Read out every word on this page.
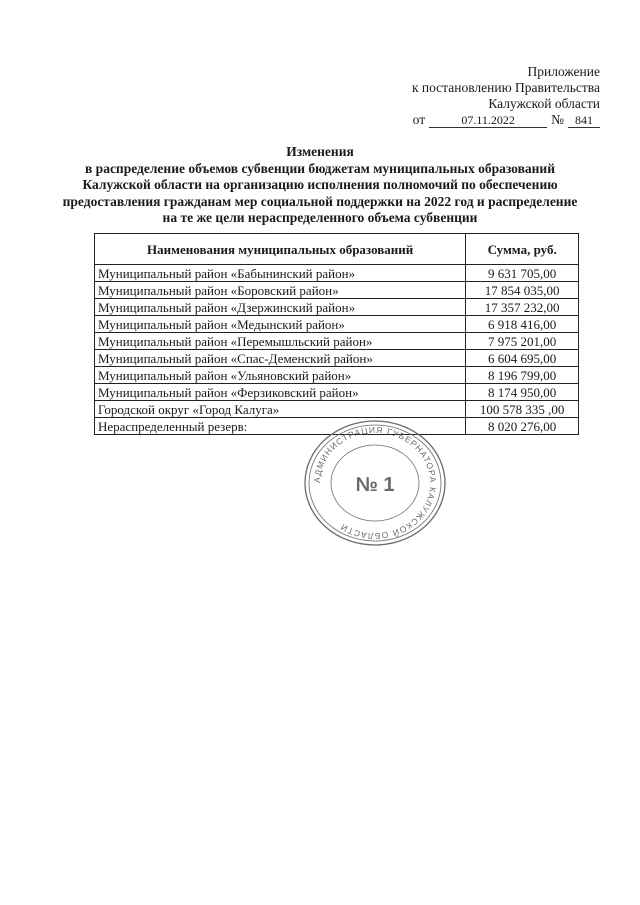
Приложение
к постановлению Правительства
Калужской области
от	07.11.2022	№ 841
Изменения
в распределение объемов субвенции бюджетам муниципальных образований Калужской области на организацию исполнения полномочий по обеспечению предоставления гражданам мер социальной поддержки на 2022 год и распределение на те же цели нераспределенного объема субвенции
Наименования муниципальных образований	Сумма, руб.
Муниципальный район «Бабынинский район»	9 631 705,00
Муниципальный район «Боровский район»	17 854 035,00
Муниципальный район «Дзержинский район»	17 357 232,00
Муниципальный район «Медынский район»	6 918 416,00
Муниципальный район «Перемышльский район»	7 975 201,00
Муниципальный район «Спас-Деменский район»	6 604 695,00
Муниципальный район «Ульяновский район»	8 196 799,00
Муниципальный район «Ферзиковский район»	8 174 950,00
Городской округ «Город Калуга»	100 578 335 ,00
Нераспределенный резерв:	8 020 276,00
АДМИНИСТРАЦИЯ ГУБЕРНАТОРА КАЛУЖСКОЙ ОБЛАСТИ
№ 1
